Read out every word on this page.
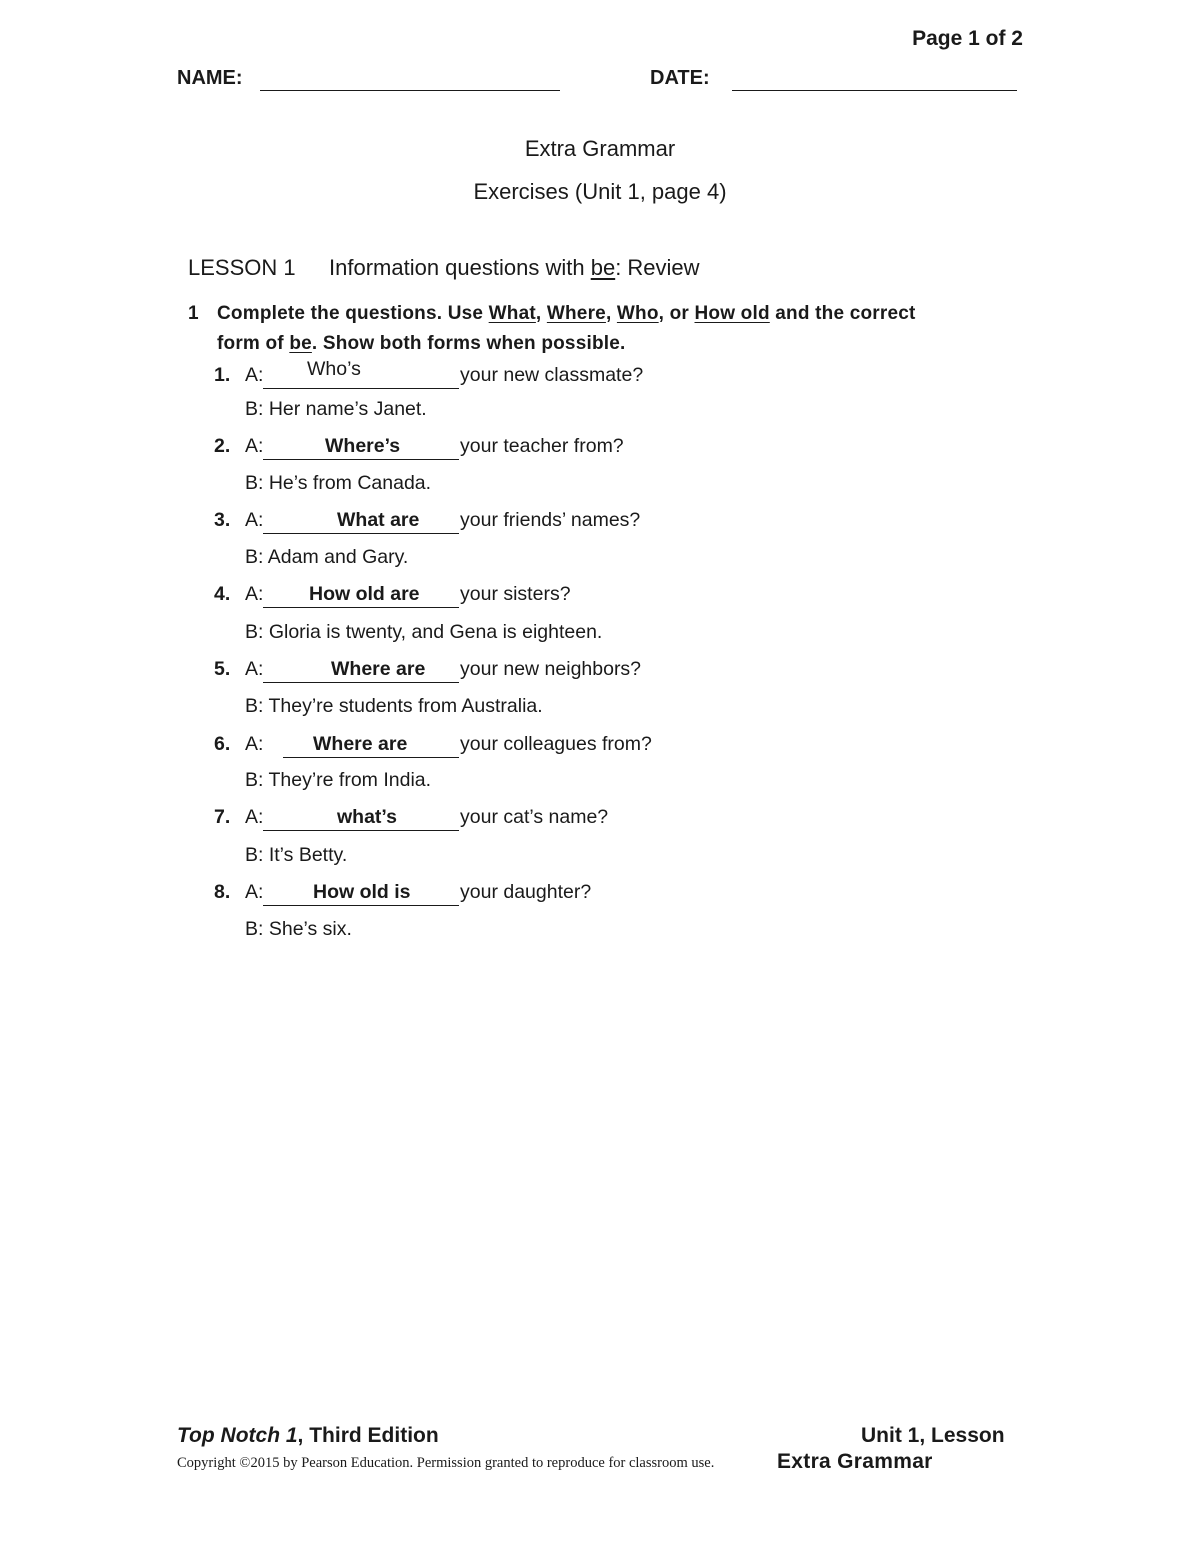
Page 1 of 2
NAME:	DATE:
Extra Grammar
Exercises (Unit 1, page 4)
LESSON 1 Information questions with be: Review
1 Complete the questions. Use What, Where, Who, or How old and the correct
form of be. Show both forms when possible.
1. A: Who’s	your new classmate?
B: Her name’s Janet.
2. A:	Where’s	your teacher from?
B: He’s from Canada.
3. A:	What are your friends’ names?
B: Adam and Gary.
4. A: How old are your sisters?
B: Gloria is twenty, and Gena is eighteen.
5. A:	Where are your new neighbors?
B: They’re students from Australia.
6. A:	Where are	your colleagues from?
B: They’re from India.
7. A:	what’s	your cat’s name?
B: It’s Betty.
8. A:	How old is	your daughter?
B: She’s six.
Top Notch 1, Third Edition	Unit 1, Lesson
Copyright ©2015 by Pearson Education. Permission granted to reproduce for classroom use.	Extra Grammar
